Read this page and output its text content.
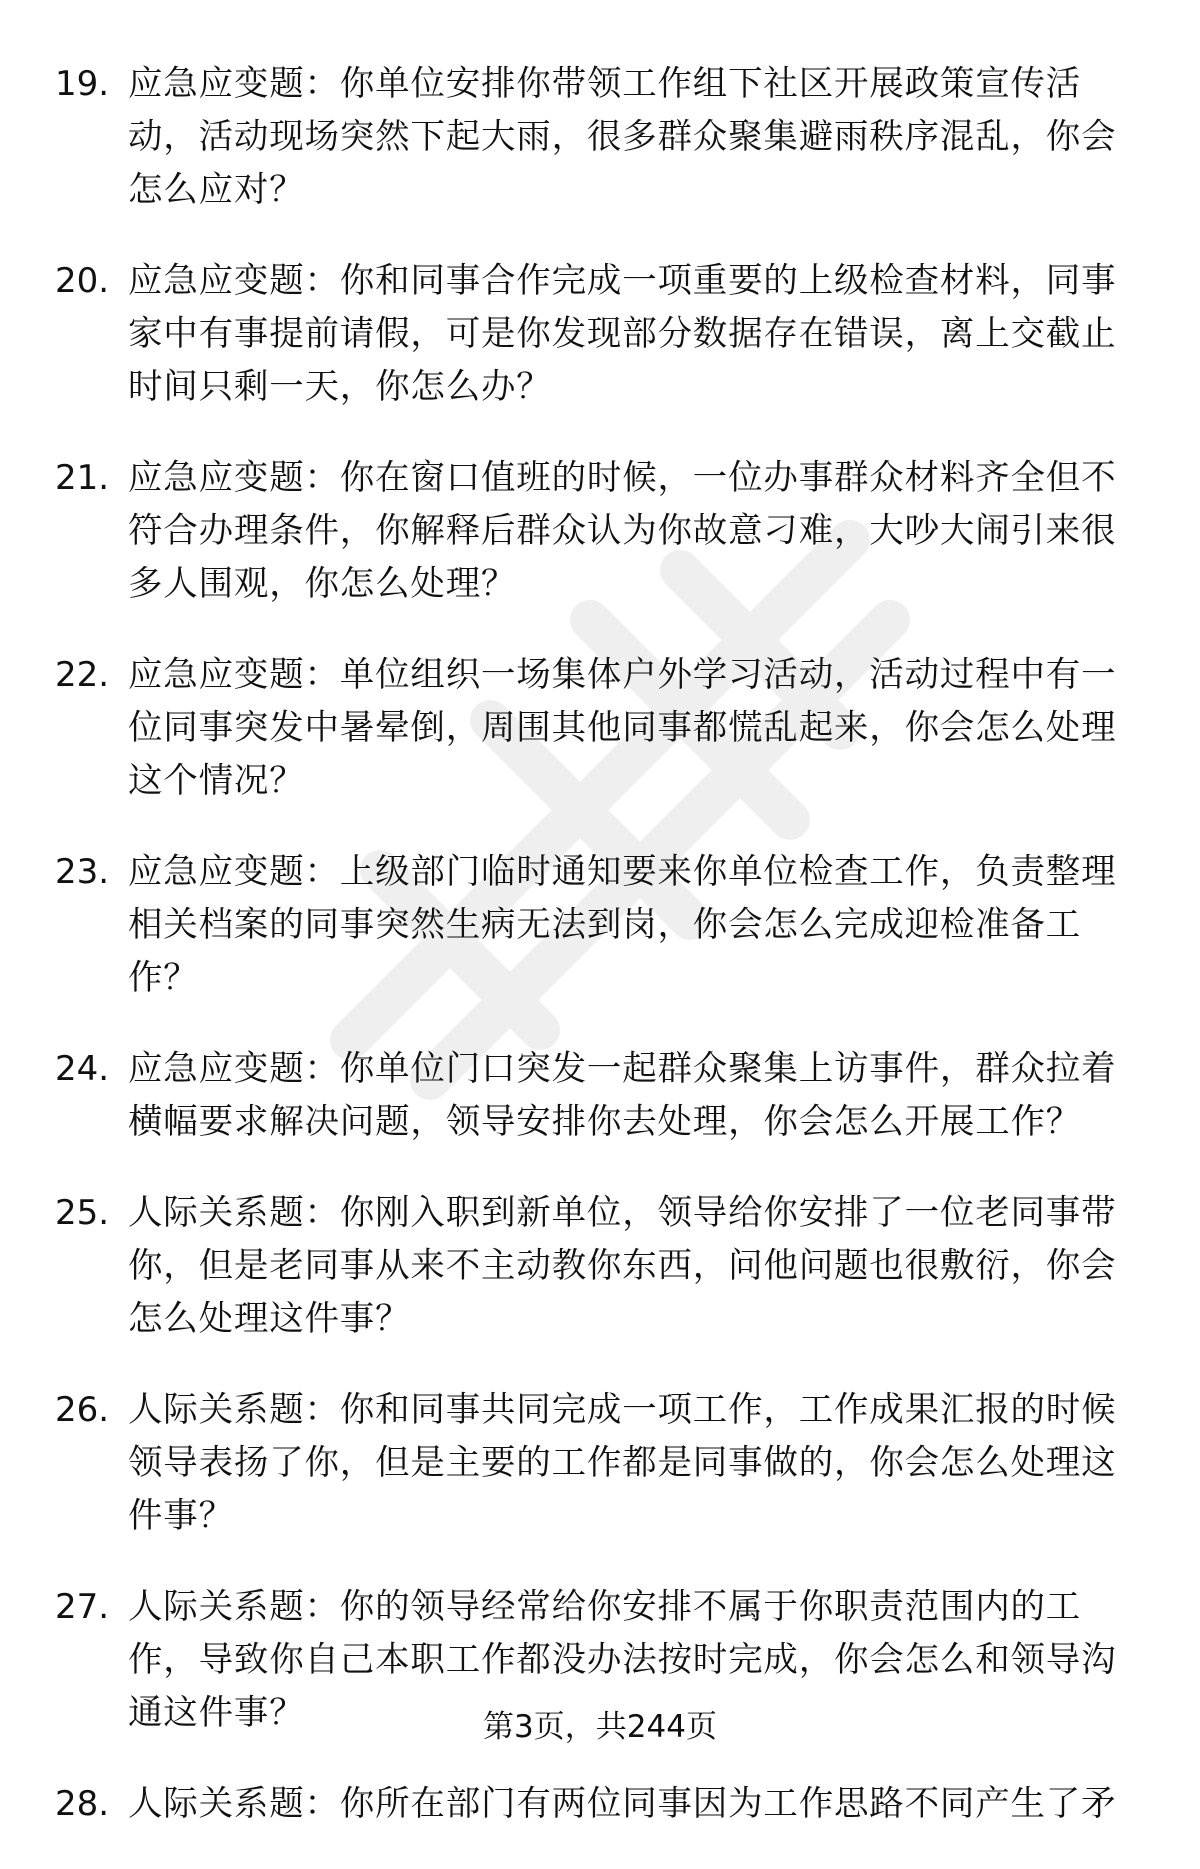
19. 应急应变题：你单位安排你带领工作组下社区开展政策宣传活动，活动现场突然下起大雨，很多群众聚集避雨秩序混乱，你会怎么应对？
20. 应急应变题：你和同事合作完成一项重要的上级检查材料，同事家中有事提前请假，可是你发现部分数据存在错误，离上交截止时间只剩一天，你怎么办？
21. 应急应变题：你在窗口值班的时候，一位办事群众材料齐全但不符合办理条件，你解释后群众认为你故意刁难，大吵大闹引来很多人围观，你怎么处理？
22. 应急应变题：单位组织一场集体户外学习活动，活动过程中有一位同事突发中暑晕倒，周围其他同事都慌乱起来，你会怎么处理这个情况？
23. 应急应变题：上级部门临时通知要来你单位检查工作，负责整理相关档案的同事突然生病无法到岗，你会怎么完成迎检准备工作？
24. 应急应变题：你单位门口突发一起群众聚集上访事件，群众拉着横幅要求解决问题，领导安排你去处理，你会怎么开展工作？
25. 人际关系题：你刚入职到新单位，领导给你安排了一位老同事带你，但是老同事从来不主动教你东西，问他问题也很敷衍，你会怎么处理这件事？
26. 人际关系题：你和同事共同完成一项工作，工作成果汇报的时候领导表扬了你，但是主要的工作都是同事做的，你会怎么处理这件事？
27. 人际关系题：你的领导经常给你安排不属于你职责范围内的工作，导致你自己本职工作都没办法按时完成，你会怎么和领导沟通这件事？
28. 人际关系题：你所在部门有两位同事因为工作思路不同产生了矛
第3页，共244页
